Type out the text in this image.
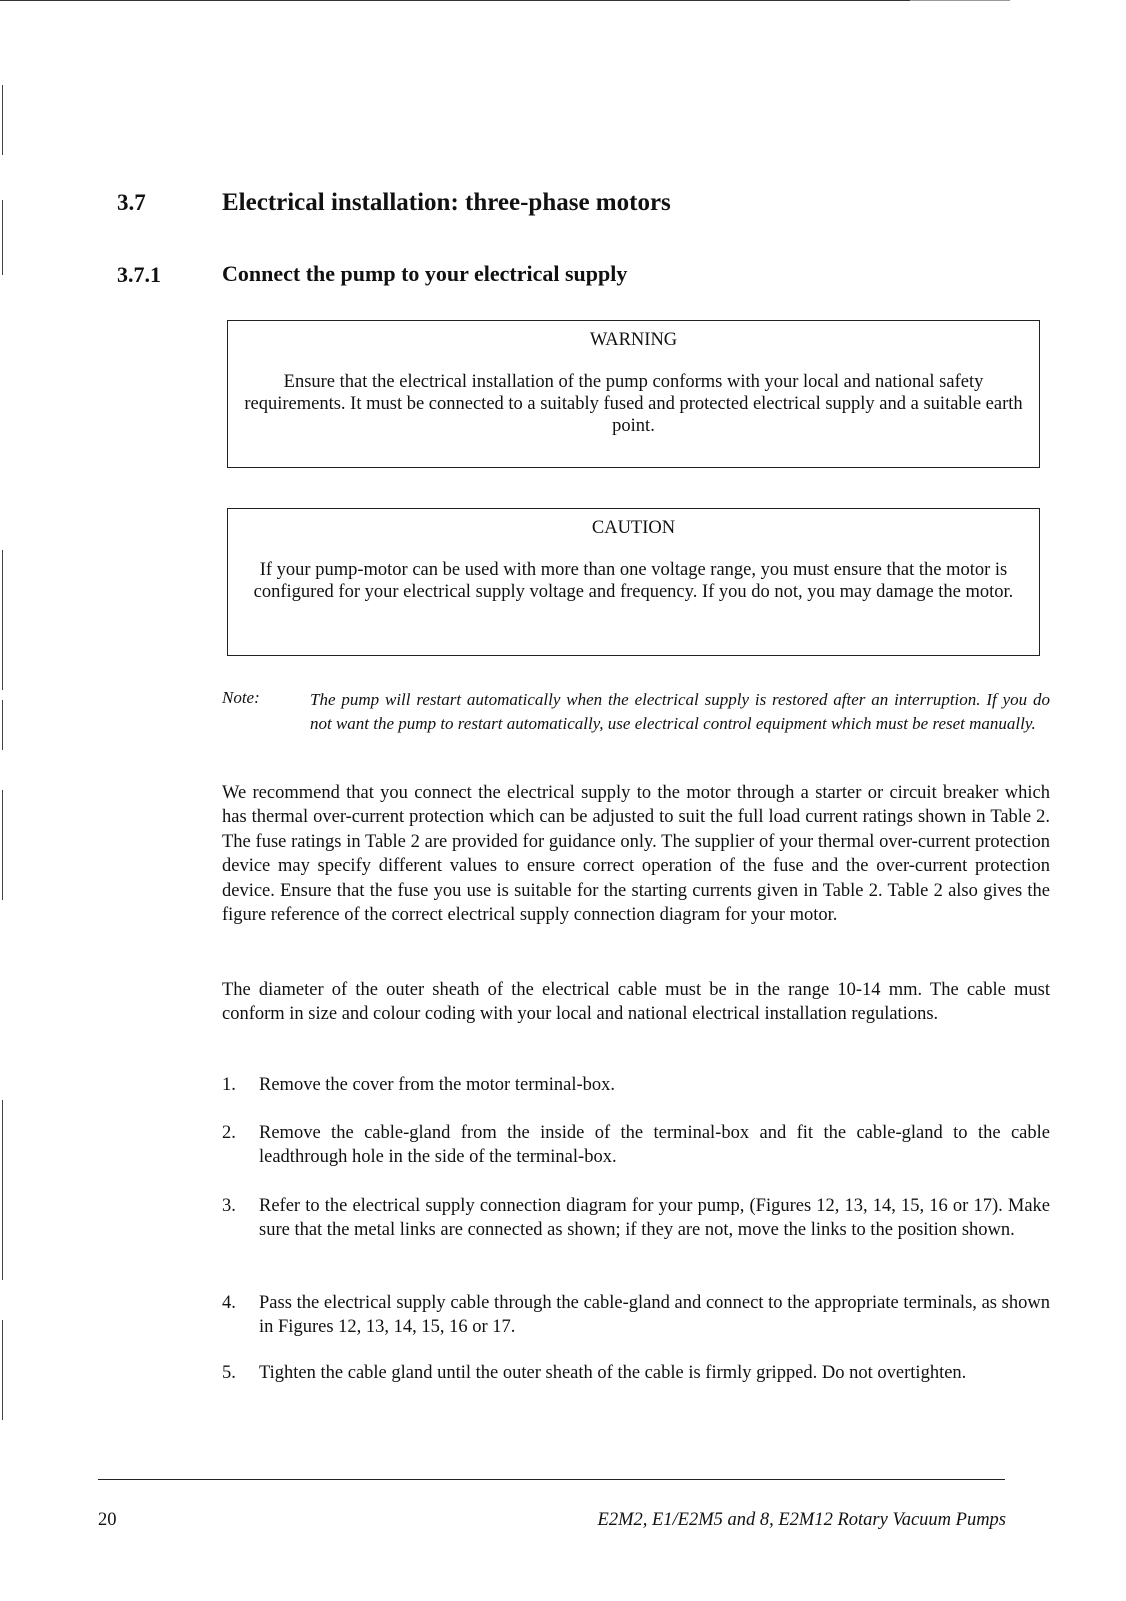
3.7	Electrical installation: three-phase motors
3.7.1	Connect the pump to your electrical supply
WARNING
Ensure that the electrical installation of the pump conforms with your local and national safety requirements. It must be connected to a suitably fused and protected electrical supply and a suitable earth point.
CAUTION
If your pump-motor can be used with more than one voltage range, you must ensure that the motor is configured for your electrical supply voltage and frequency. If you do not, you may damage the motor.
Note:	The pump will restart automatically when the electrical supply is restored after an interruption. If you do not want the pump to restart automatically, use electrical control equipment which must be reset manually.
We recommend that you connect the electrical supply to the motor through a starter or circuit breaker which has thermal over-current protection which can be adjusted to suit the full load current ratings shown in Table 2. The fuse ratings in Table 2 are provided for guidance only. The supplier of your thermal over-current protection device may specify different values to ensure correct operation of the fuse and the over-current protection device. Ensure that the fuse you use is suitable for the starting currents given in Table 2. Table 2 also gives the figure reference of the correct electrical supply connection diagram for your motor.
The diameter of the outer sheath of the electrical cable must be in the range 10-14 mm. The cable must conform in size and colour coding with your local and national electrical installation regulations.
1. Remove the cover from the motor terminal-box.
2. Remove the cable-gland from the inside of the terminal-box and fit the cable-gland to the cable leadthrough hole in the side of the terminal-box.
3. Refer to the electrical supply connection diagram for your pump, (Figures 12, 13, 14, 15, 16 or 17). Make sure that the metal links are connected as shown; if they are not, move the links to the position shown.
4. Pass the electrical supply cable through the cable-gland and connect to the appropriate terminals, as shown in Figures 12, 13, 14, 15, 16 or 17.
5. Tighten the cable gland until the outer sheath of the cable is firmly gripped. Do not overtighten.
20	E2M2, E1/E2M5 and 8, E2M12 Rotary Vacuum Pumps
